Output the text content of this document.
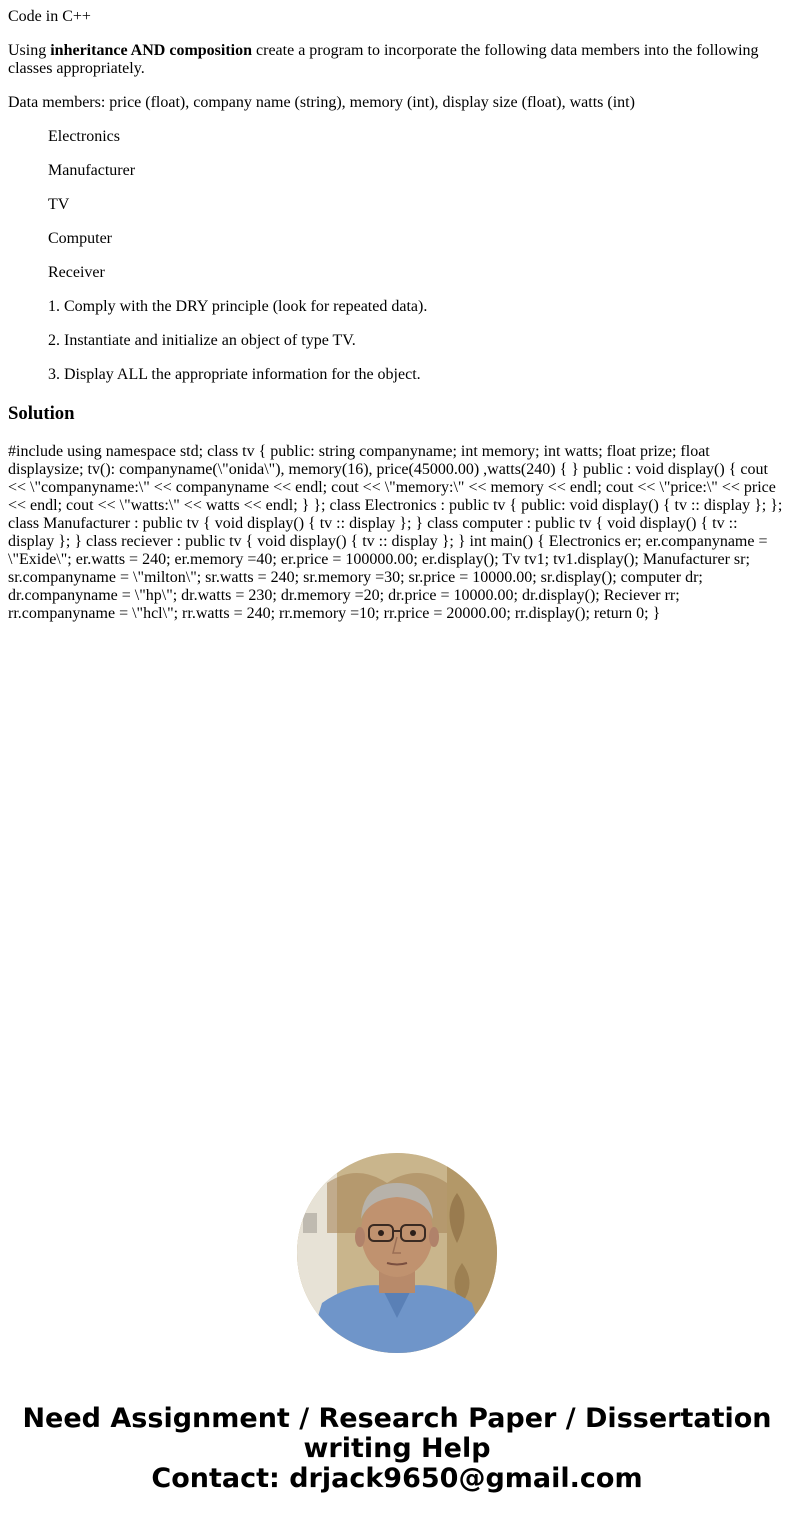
Code in C++

Using inheritance AND composition create a program to incorporate the following data members into the following classes appropriately.

Data members: price (float), company name (string), memory (int), display size (float), watts (int)

Electronics

Manufacturer

TV

Computer

Receiver

1. Comply with the DRY principle (look for repeated data).

2. Instantiate and initialize an object of type TV.

3. Display ALL the appropriate information for the object.

Solution

#include using namespace std; class tv { public: string companyname; int memory; int watts; float prize; float displaysize; tv(): companyname(\"onida\"), memory(16), price(45000.00) ,watts(240) { } public : void display() { cout << \"companyname:\" << companyname << endl; cout << \"memory:\" << memory << endl; cout << \"price:\" << price << endl; cout << \"watts:\" << watts << endl; } }; class Electronics : public tv { public: void display() { tv :: display }; }; class Manufacturer : public tv { void display() { tv :: display }; } class computer : public tv { void display() { tv :: display }; } class reciever : public tv { void display() { tv :: display }; } int main() { Electronics er; er.companyname = \"Exide\"; er.watts = 240; er.memory =40; er.price = 100000.00; er.display(); Tv tv1; tv1.display(); Manufacturer sr; sr.companyname = \"milton\"; sr.watts = 240; sr.memory =30; sr.price = 10000.00; sr.display(); computer dr; dr.companyname = \"hp\"; dr.watts = 230; dr.memory =20; dr.price = 10000.00; dr.display(); Reciever rr; rr.companyname = \"hcl\"; rr.watts = 240; rr.memory =10; rr.price = 20000.00; rr.display(); return 0; }

Need Assignment / Research Paper / Dissertation
writing Help
Contact: drjack9650@gmail.com
